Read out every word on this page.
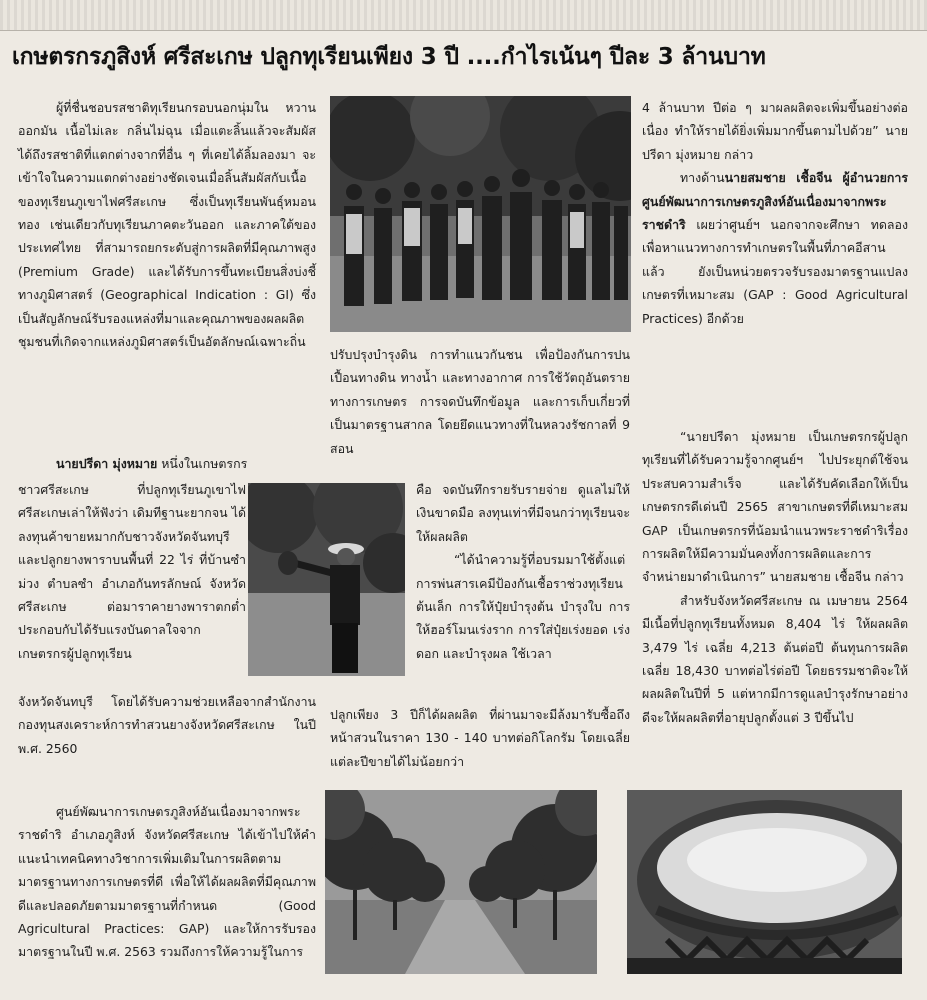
เกษตรกรภูสิงห์ ศรีสะเกษ ปลูกทุเรียนเพียง 3 ปี ....กำไรเน้นๆ ปีละ 3 ล้านบาท

ผู้ที่ชื่นชอบรสชาติทุเรียนกรอบนอกนุ่มใน หวานออกมัน เนื้อไม่เละ กลิ่นไม่ฉุน เมื่อแตะลิ้นแล้วจะสัมผัสได้ถึงรสชาติที่แตกต่างจากที่อื่น ๆ ที่เคยได้ลิ้มลองมา จะเข้าใจในความแตกต่างอย่างชัดเจนเมื่อลิ้นสัมผัสกับเนื้อของทุเรียนภูเขาไฟศรีสะเกษ ซึ่งเป็นทุเรียนพันธุ์หมอนทอง เช่นเดียวกับทุเรียนภาคตะวันออก และภาคใต้ของประเทศไทย ที่สามารถยกระดับสู่การผลิตที่มีคุณภาพสูง (Premium Grade) และได้รับการขึ้นทะเบียนสิ่งบ่งชี้ทางภูมิศาสตร์ (Geographical Indication : GI) ซึ่งเป็นสัญลักษณ์รับรองแหล่งที่มาและคุณภาพของผลผลิตชุมชนที่เกิดจากแหล่งภูมิศาสตร์เป็นอัตลักษณ์เฉพาะถิ่น

นายปรีดา มุ่งหมาย หนึ่งในเกษตรกร

ชาวศรีสะเกษ ที่ปลูกทุเรียนภูเขาไฟศรีสะเกษเล่าให้ฟังว่า เดิมทีฐานะยากจน ได้ลงทุนค้าขายหมากกับชาวจังหวัดจันทบุรี และปลูกยางพาราบนพื้นที่ 22 ไร่ ที่บ้านซำม่วง ตำบลซำ อำเภอกันทรลักษณ์ จังหวัดศรีสะเกษ ต่อมาราคายางพาราตกต่ำประกอบกับได้รับแรงบันดาลใจจากเกษตรกรผู้ปลูกทุเรียน

จังหวัดจันทบุรี โดยได้รับความช่วยเหลือจากสำนักงานกองทุนสงเคราะห์การทำสวนยางจังหวัดศรีสะเกษ ในปี พ.ศ. 2560

ศูนย์พัฒนาการเกษตรภูสิงห์อันเนื่องมาจากพระราชดำริ อำเภอภูสิงห์ จังหวัดศรีสะเกษ ได้เข้าไปให้คำแนะนำเทคนิคทางวิชาการเพิ่มเติมในการผลิตตามมาตรฐานทางการเกษตรที่ดี เพื่อให้ได้ผลผลิตที่มีคุณภาพดีและปลอดภัยตามมาตรฐานที่กำหนด (Good Agricultural Practices: GAP) และให้การรับรองมาตรฐานในปี พ.ศ. 2563 รวมถึงการให้ความรู้ในการ

ปรับปรุงบำรุงดิน การทำแนวกันชน เพื่อป้องกันการปนเปื้อนทางดิน ทางน้ำ และทางอากาศ การใช้วัตถุอันตรายทางการเกษตร การจดบันทึกข้อมูล และการเก็บเกี่ยวที่เป็นมาตรฐานสากล โดยยึดแนวทางที่ในหลวงรัชกาลที่ 9 สอน

คือ จดบันทึกรายรับรายจ่าย ดูแลไม่ให้เงินขาดมือ ลงทุนเท่าที่มีจนกว่าทุเรียนจะให้ผลผลิต

“ได้นำความรู้ที่อบรมมาใช้ตั้งแต่การพ่นสารเคมีป้องกันเชื้อราช่วงทุเรียนต้นเล็ก การให้ปุ๋ยบำรุงต้น บำรุงใบ การให้ฮอร์โมนเร่งราก การใส่ปุ๋ยเร่งยอด เร่งดอก และบำรุงผล ใช้เวลา

ปลูกเพียง 3 ปีก็ได้ผลผลิต ที่ผ่านมาจะมีล้งมารับซื้อถึงหน้าสวนในราคา 130 - 140 บาทต่อกิโลกรัม โดยเฉลี่ยแต่ละปีขายได้ไม่น้อยกว่า

4 ล้านบาท ปีต่อ ๆ มาผลผลิตจะเพิ่มขึ้นอย่างต่อเนื่อง ทำให้รายได้ยิ่งเพิ่มมากขึ้นตามไปด้วย” นายปรีดา มุ่งหมาย กล่าว

ทางด้านนายสมชาย เชื้อจีน ผู้อำนวยการศูนย์พัฒนาการเกษตรภูสิงห์อันเนื่องมาจากพระราชดำริ เผยว่าศูนย์ฯ นอกจากจะศึกษา ทดลอง เพื่อหาแนวทางการทำเกษตรในพื้นที่ภาคอีสานแล้ว ยังเป็นหน่วยตรวจรับรองมาตรฐานแปลงเกษตรที่เหมาะสม (GAP : Good Agricultural Practices) อีกด้วย

“นายปรีดา มุ่งหมาย เป็นเกษตรกรผู้ปลูกทุเรียนที่ได้รับความรู้จากศูนย์ฯ ไปประยุกต์ใช้จนประสบความสำเร็จ และได้รับคัดเลือกให้เป็นเกษตรกรดีเด่นปี 2565 สาขาเกษตรที่ดีเหมาะสม GAP เป็นเกษตรกรที่น้อมนำแนวพระราชดำริเรื่องการผลิตให้มีความมั่นคงทั้งการผลิตและการจำหน่ายมาดำเนินการ” นายสมชาย เชื้อจีน กล่าว

สำหรับจังหวัดศรีสะเกษ ณ เมษายน 2564 มีเนื้อที่ปลูกทุเรียนทั้งหมด 8,404 ไร่ ให้ผลผลิต 3,479 ไร่ เฉลี่ย 4,213 ต้นต่อปี ต้นทุนการผลิตเฉลี่ย 18,430 บาทต่อไร่ต่อปี โดยธรรมชาติจะให้ผลผลิตในปีที่ 5 แต่หากมีการดูแลบำรุงรักษาอย่างดีจะให้ผลผลิตที่อายุปลูกตั้งแต่ 3 ปีขึ้นไป
